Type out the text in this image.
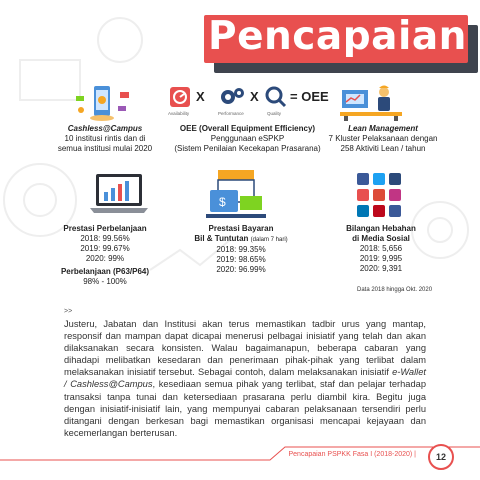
Pencapaian
X	X = OEE
Availability	Performance	Quality
Cashless@Campus
10 institusi rintis dan di
semua institusi mulai 2020
OEE (Overall Equipment Efficiency)
Penggunaan eSPKP
(Sistem Penilaian Kecekapan Prasarana)
Lean Management
7 Kluster Pelaksanaan dengan
258 Aktiviti Lean / tahun
$
Prestasi Perbelanjaan
2018: 99.56%
2019: 99.67%
2020: 99%
Perbelanjaan (P63/P64)
98% - 100%
Prestasi Bayaran
Bil & Tuntutan (dalam 7 hari)
2018: 99.35%
2019: 98.65%
2020: 96.99%
Bilangan Hebahan
di Media Sosial
2018: 5,656
2019: 9,995
2020: 9,391
Data 2018 hingga Okt. 2020
>>
Justeru, Jabatan dan Institusi akan terus memastikan tadbir urus yang mantap, responsif dan mampan dapat dicapai menerusi pelbagai inisiatif yang telah dan akan dilaksanakan secara konsisten. Walau bagaimanapun, beberapa cabaran yang dihadapi melibatkan kesedaran dan penerimaan pihak-pihak yang terlibat dalam melaksanakan inisiatif tersebut. Sebagai contoh, dalam melaksanakan inisiatif e-Wallet / Cashless@Campus, kesediaan semua pihak yang terlibat, staf dan pelajar terhadap transaksi tanpa tunai dan ketersediaan prasarana perlu diambil kira. Begitu juga dengan inisiatif-inisiatif lain, yang mempunyai cabaran pelaksanaan tersendiri perlu ditangani dengan berkesan bagi memastikan organisasi mencapai kejayaan dan kecemerlangan berterusan.
Pencapaian PSPKK Fasa I (2018-2020) |	12
